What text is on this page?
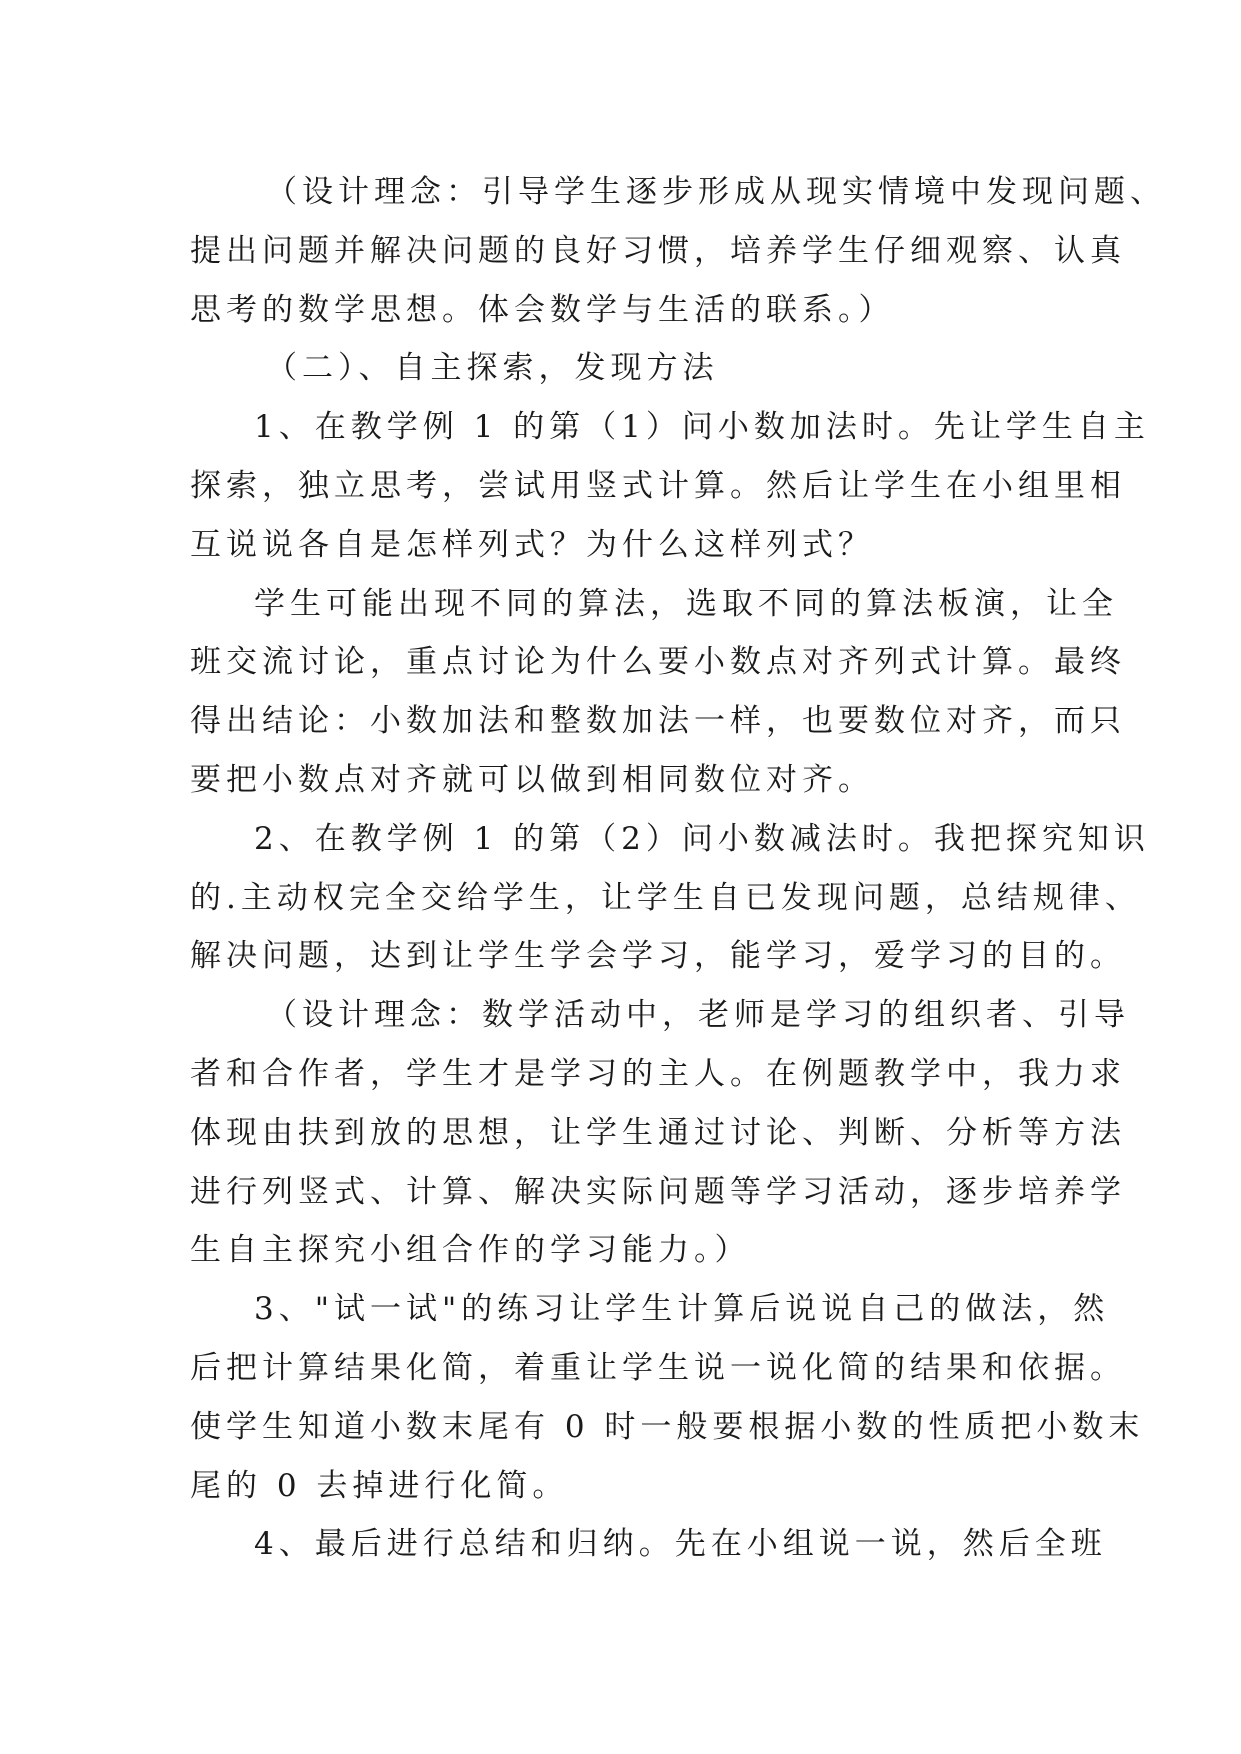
（设计理念：引导学生逐步形成从现实情境中发现问题、
提出问题并解决问题的良好习惯，培养学生仔细观察、认真
思考的数学思想。体会数学与生活的联系。）
（二）、自主探索，发现方法
1、在教学例 1 的第（1）问小数加法时。先让学生自主
探索，独立思考，尝试用竖式计算。然后让学生在小组里相
互说说各自是怎样列式？为什么这样列式？
学生可能出现不同的算法，选取不同的算法板演，让全
班交流讨论，重点讨论为什么要小数点对齐列式计算。最终
得出结论：小数加法和整数加法一样，也要数位对齐，而只
要把小数点对齐就可以做到相同数位对齐。
2、在教学例 1 的第（2）问小数减法时。我把探究知识
的.主动权完全交给学生，让学生自已发现问题，总结规律、
解决问题，达到让学生学会学习，能学习，爱学习的目的。
（设计理念：数学活动中，老师是学习的组织者、引导
者和合作者，学生才是学习的主人。在例题教学中，我力求
体现由扶到放的思想，让学生通过讨论、判断、分析等方法
进行列竖式、计算、解决实际问题等学习活动，逐步培养学
生自主探究小组合作的学习能力。）
3、"试一试"的练习让学生计算后说说自己的做法，然
后把计算结果化简，着重让学生说一说化简的结果和依据。
使学生知道小数末尾有 0 时一般要根据小数的性质把小数末
尾的 0 去掉进行化简。
4、最后进行总结和归纳。先在小组说一说，然后全班
